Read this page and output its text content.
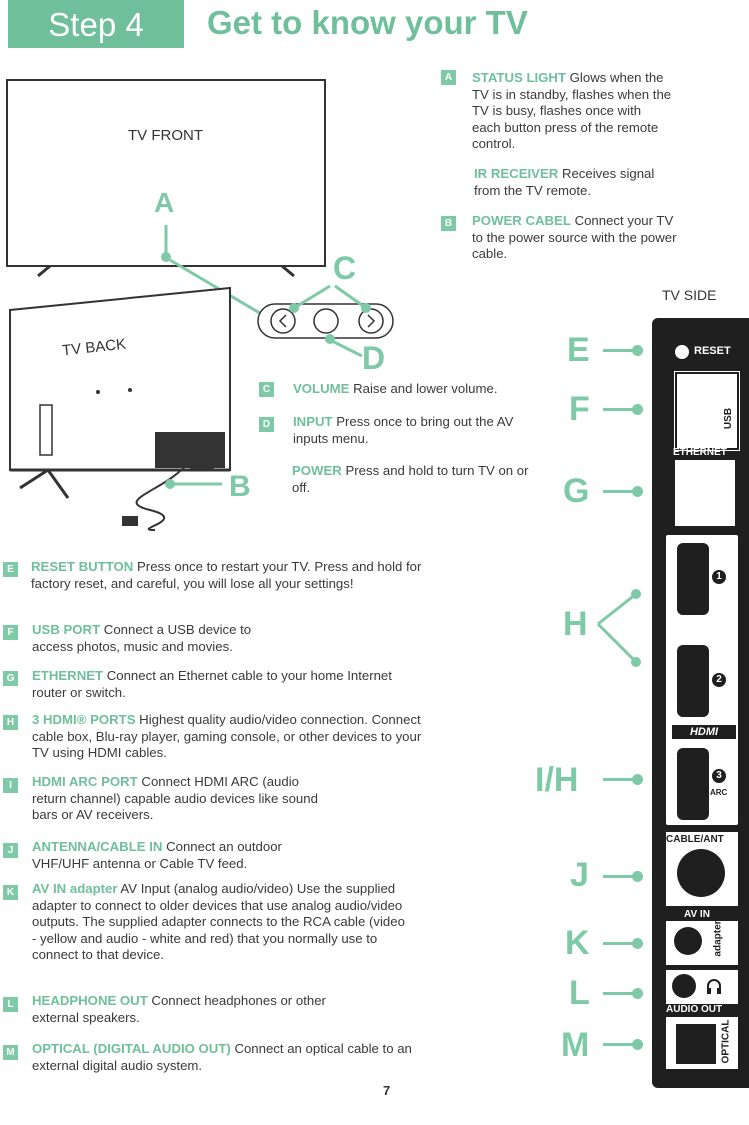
Step 4	Get to know your TV
TV FRONT
TV BACK
A
B
C
D
A STATUS LIGHT Glows when the TV is in standby, flashes when the TV is busy, flashes once with each button press of the remote control.
IR RECEIVER Receives signal from the TV remote.
B POWER CABEL Connect your TV to the power source with the power cable.
C VOLUME Raise and lower volume.
D INPUT Press once to bring out the AV inputs menu.
POWER Press and hold to turn TV on or off.
E	RESET BUTTON Press once to restart your TV. Press and hold for factory reset, and careful, you will lose all your settings!
F	USB PORT Connect a USB device to access photos, music and movies.
G ETHERNET Connect an Ethernet cable to your home Internet router or switch.
H 3 HDMI® PORTS Highest quality audio/video connection. Connect cable box, Blu-ray player, gaming console, or other devices to your TV using HDMI cables.
I	HDMI ARC PORT Connect HDMI ARC (audio return channel) capable audio devices like sound bars or AV receivers.
J	ANTENNA/CABLE IN Connect an outdoor VHF/UHF antenna or Cable TV feed.
K AV IN adapter AV Input (analog audio/video) Use the supplied adapter to connect to older devices that use analog audio/video outputs. The supplied adapter connects to the RCA cable (video - yellow and audio - white and red) that you normally use to connect to that device.
L	HEADPHONE OUT Connect headphones or other external speakers.
M OPTICAL (DIGITAL AUDIO OUT) Connect an optical cable to an external digital audio system.
TV SIDE
E
F
G
H
I/H
J
K
L
M
RESET
USB
ETHERNET
1
2
HDMI
3
ARC
CABLE/ANT
AV IN
adapter
AUDIO OUT
OPTICAL
7
